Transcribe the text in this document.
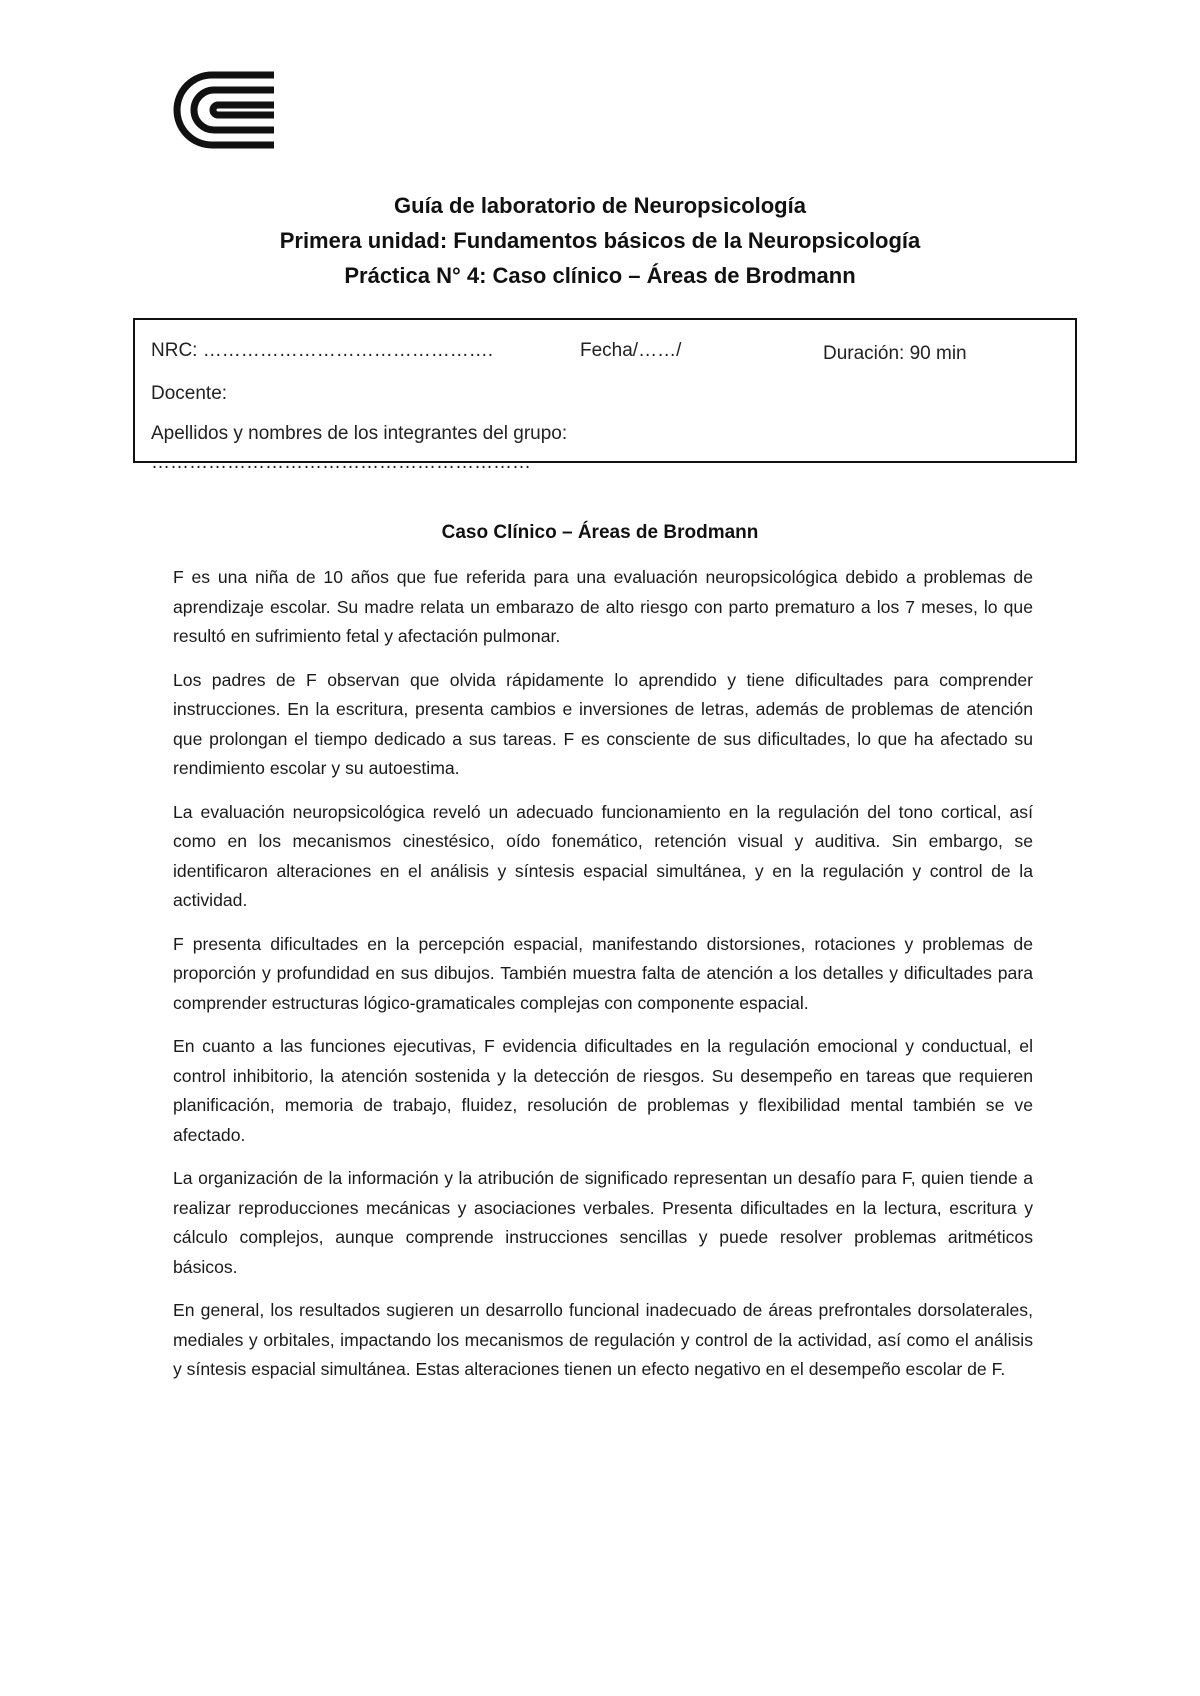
Guía de laboratorio de Neuropsicología
Primera unidad: Fundamentos básicos de la Neuropsicología
Práctica N° 4: Caso clínico – Áreas de Brodmann
NRC: ……………………………………….	Fecha/……/	Duración: 90 min
Docente:
Apellidos y nombres de los integrantes del grupo:
……………………………………………………
Caso Clínico – Áreas de Brodmann

F es una niña de 10 años que fue referida para una evaluación neuropsicológica debido a problemas de aprendizaje escolar. Su madre relata un embarazo de alto riesgo con parto prematuro a los 7 meses, lo que resultó en sufrimiento fetal y afectación pulmonar.

Los padres de F observan que olvida rápidamente lo aprendido y tiene dificultades para comprender instrucciones. En la escritura, presenta cambios e inversiones de letras, además de problemas de atención que prolongan el tiempo dedicado a sus tareas. F es consciente de sus dificultades, lo que ha afectado su rendimiento escolar y su autoestima.

La evaluación neuropsicológica reveló un adecuado funcionamiento en la regulación del tono cortical, así como en los mecanismos cinestésico, oído fonemático, retención visual y auditiva. Sin embargo, se identificaron alteraciones en el análisis y síntesis espacial simultánea, y en la regulación y control de la actividad.

F presenta dificultades en la percepción espacial, manifestando distorsiones, rotaciones y problemas de proporción y profundidad en sus dibujos. También muestra falta de atención a los detalles y dificultades para comprender estructuras lógico-gramaticales complejas con componente espacial.

En cuanto a las funciones ejecutivas, F evidencia dificultades en la regulación emocional y conductual, el control inhibitorio, la atención sostenida y la detección de riesgos. Su desempeño en tareas que requieren planificación, memoria de trabajo, fluidez, resolución de problemas y flexibilidad mental también se ve afectado.

La organización de la información y la atribución de significado representan un desafío para F, quien tiende a realizar reproducciones mecánicas y asociaciones verbales. Presenta dificultades en la lectura, escritura y cálculo complejos, aunque comprende instrucciones sencillas y puede resolver problemas aritméticos básicos.

En general, los resultados sugieren un desarrollo funcional inadecuado de áreas prefrontales dorsolaterales, mediales y orbitales, impactando los mecanismos de regulación y control de la actividad, así como el análisis y síntesis espacial simultánea. Estas alteraciones tienen un efecto negativo en el desempeño escolar de F.
